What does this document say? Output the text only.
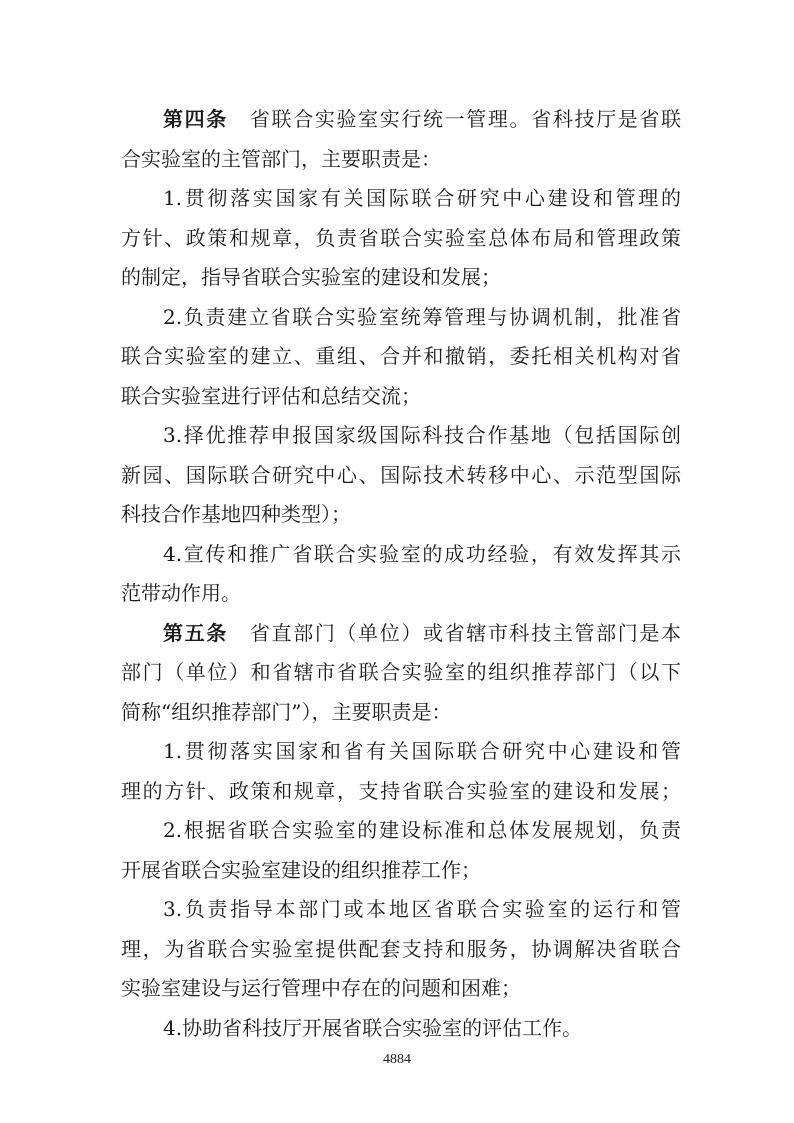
第四条 省联合实验室实行统一管理。省科技厅是省联
合实验室的主管部门，主要职责是：
1.贯彻落实国家有关国际联合研究中心建设和管理的
方针、政策和规章，负责省联合实验室总体布局和管理政策
的制定，指导省联合实验室的建设和发展；
2.负责建立省联合实验室统筹管理与协调机制，批准省
联合实验室的建立、重组、合并和撤销，委托相关机构对省
联合实验室进行评估和总结交流；
3.择优推荐申报国家级国际科技合作基地（包括国际创
新园、国际联合研究中心、国际技术转移中心、示范型国际
科技合作基地四种类型）；
4.宣传和推广省联合实验室的成功经验，有效发挥其示
范带动作用。
第五条 省直部门（单位）或省辖市科技主管部门是本
部门（单位）和省辖市省联合实验室的组织推荐部门（以下
简称“组织推荐部门”），主要职责是：
1.贯彻落实国家和省有关国际联合研究中心建设和管
理的方针、政策和规章，支持省联合实验室的建设和发展；
2.根据省联合实验室的建设标准和总体发展规划，负责
开展省联合实验室建设的组织推荐工作；
3.负责指导本部门或本地区省联合实验室的运行和管
理，为省联合实验室提供配套支持和服务，协调解决省联合
实验室建设与运行管理中存在的问题和困难；
4.协助省科技厅开展省联合实验室的评估工作。
4884
